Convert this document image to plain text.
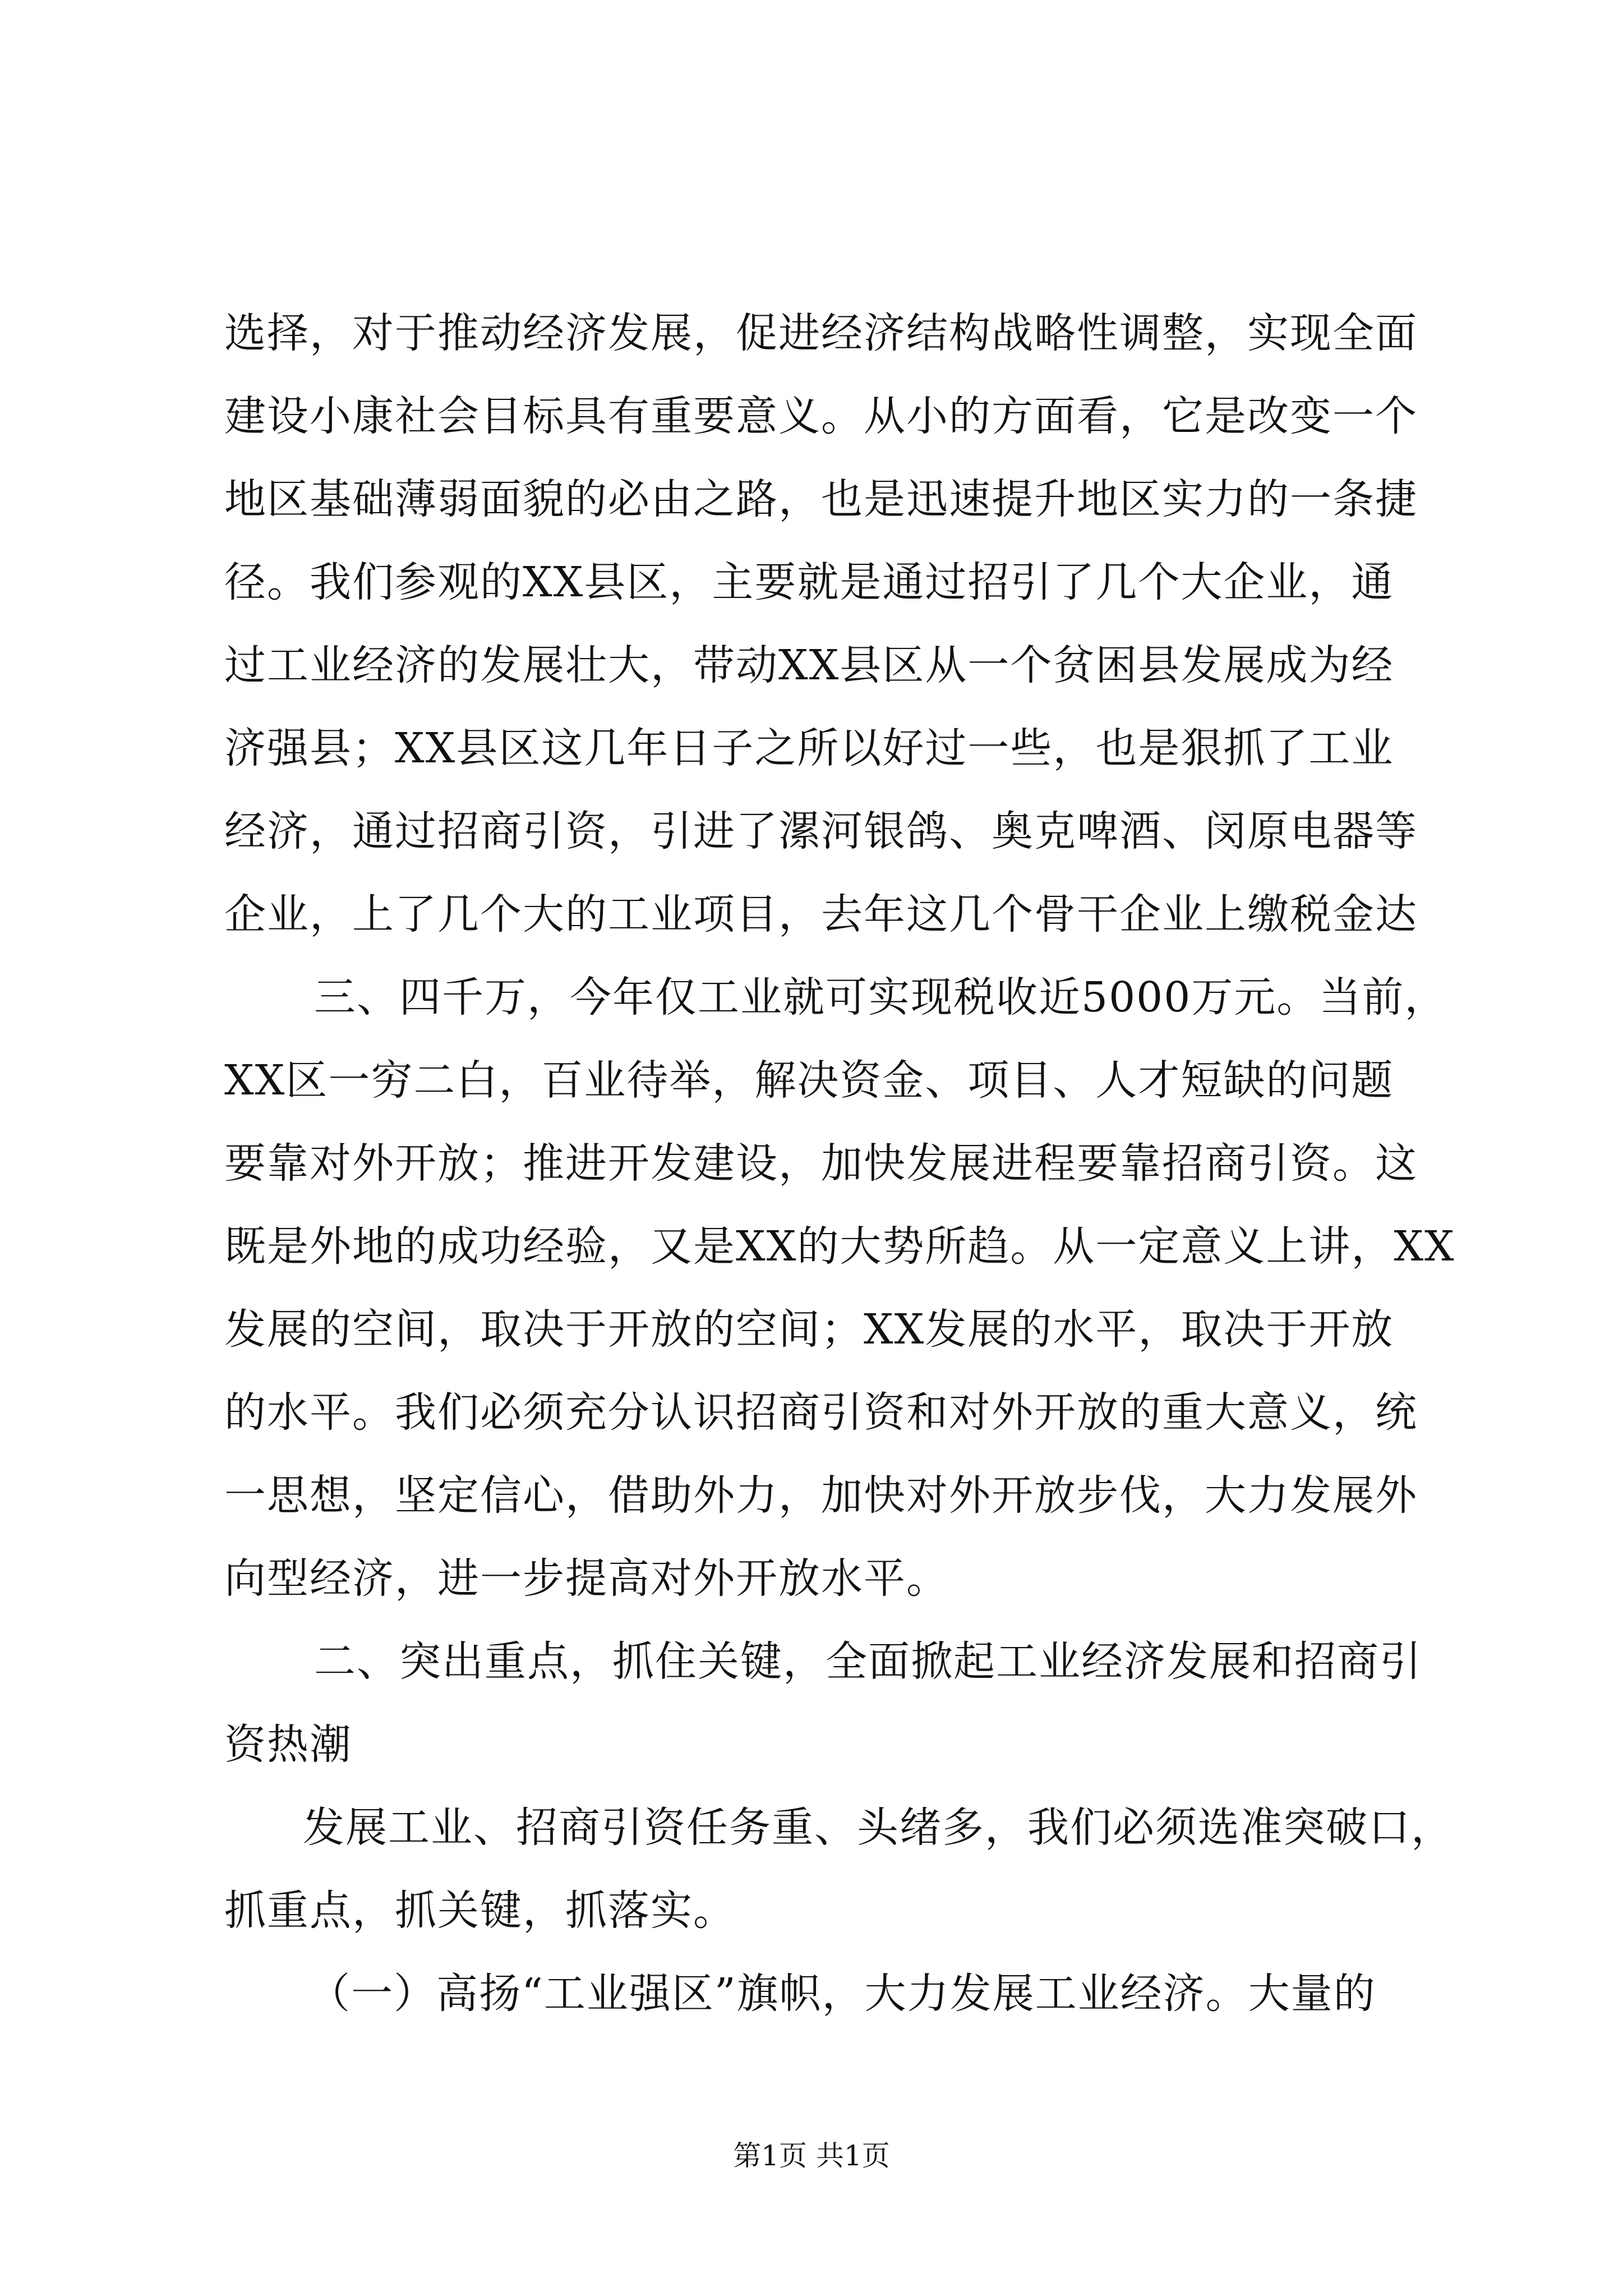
选择，对于推动经济发展，促进经济结构战略性调整，实现全面
建设小康社会目标具有重要意义。从小的方面看，它是改变一个
地区基础薄弱面貌的必由之路，也是迅速提升地区实力的一条捷
径。我们参观的XX县区，主要就是通过招引了几个大企业，通
过工业经济的发展壮大，带动XX县区从一个贫困县发展成为经
济强县；XX县区这几年日子之所以好过一些，也是狠抓了工业
经济，通过招商引资，引进了漯河银鸽、奥克啤酒、闵原电器等
企业，上了几个大的工业项目，去年这几个骨干企业上缴税金达
三、四千万，今年仅工业就可实现税收近5000万元。当前，
XX区一穷二白，百业待举，解决资金、项目、人才短缺的问题
要靠对外开放；推进开发建设，加快发展进程要靠招商引资。这
既是外地的成功经验，又是XX的大势所趋。从一定意义上讲，XX
发展的空间，取决于开放的空间；XX发展的水平，取决于开放
的水平。我们必须充分认识招商引资和对外开放的重大意义，统
一思想，坚定信心，借助外力，加快对外开放步伐，大力发展外
向型经济，进一步提高对外开放水平。
二、突出重点，抓住关键，全面掀起工业经济发展和招商引
资热潮
发展工业、招商引资任务重、头绪多，我们必须选准突破口，
抓重点，抓关键，抓落实。
（一）高扬“工业强区”旗帜，大力发展工业经济。大量的
第1页 共1页
